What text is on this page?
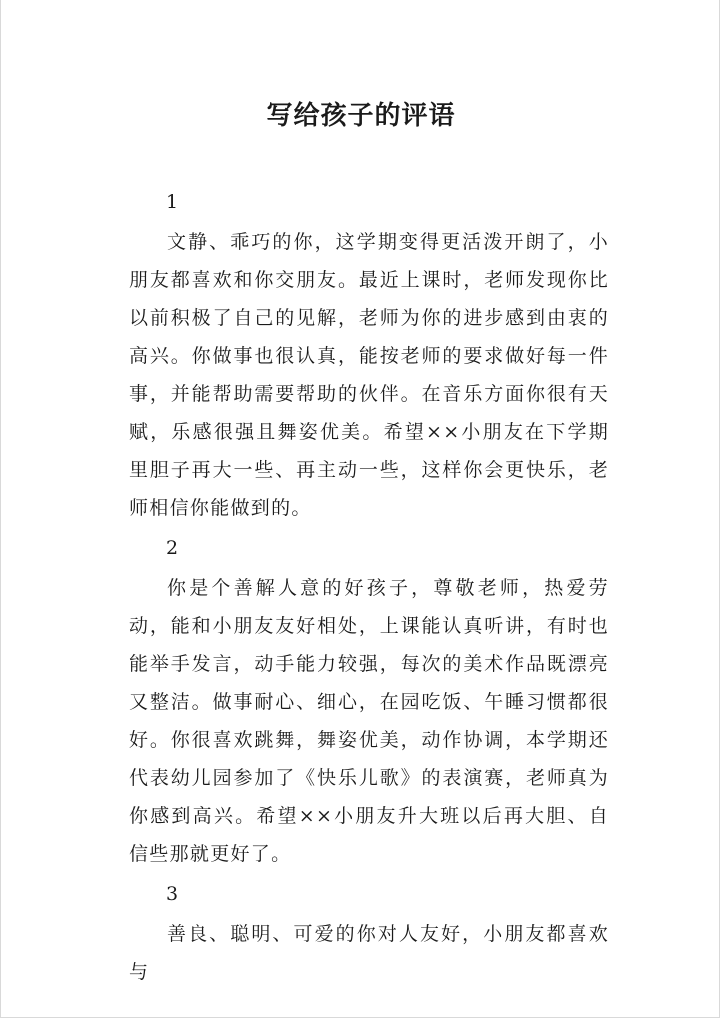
写给孩子的评语

1

文静、乖巧的你，这学期变得更活泼开朗了，小朋友都喜欢和你交朋友。最近上课时，老师发现你比以前积极了自己的见解，老师为你的进步感到由衷的高兴。你做事也很认真，能按老师的要求做好每一件事，并能帮助需要帮助的伙伴。在音乐方面你很有天赋，乐感很强且舞姿优美。希望××小朋友在下学期里胆子再大一些、再主动一些，这样你会更快乐，老师相信你能做到的。

2

你是个善解人意的好孩子，尊敬老师，热爱劳动，能和小朋友友好相处，上课能认真听讲，有时也能举手发言，动手能力较强，每次的美术作品既漂亮又整洁。做事耐心、细心，在园吃饭、午睡习惯都很好。你很喜欢跳舞，舞姿优美，动作协调，本学期还代表幼儿园参加了《快乐儿歌》的表演赛，老师真为你感到高兴。希望××小朋友升大班以后再大胆、自信些那就更好了。

3

善良、聪明、可爱的你对人友好，小朋友都喜欢与
